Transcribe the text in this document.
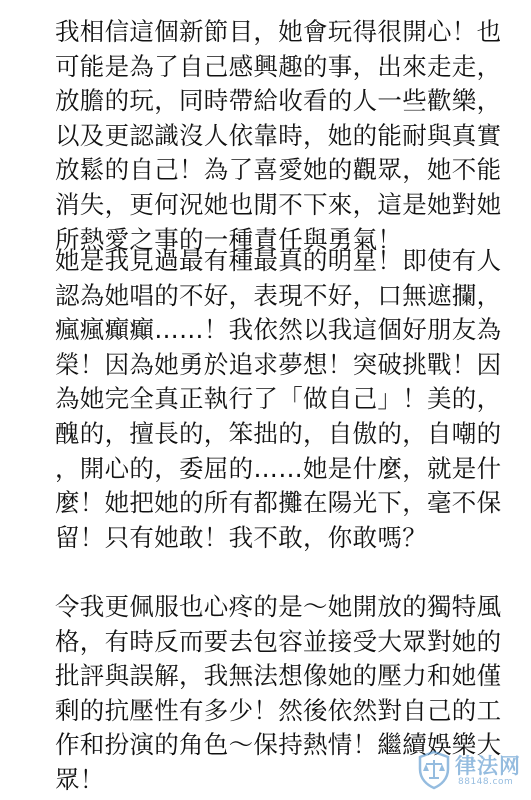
我相信這個新節目，她會玩得很開心！也
可能是為了自己感興趣的事，出來走走，
放膽的玩，同時帶給收看的人一些歡樂，
以及更認識沒人依靠時，她的能耐與真實
放鬆的自己！為了喜愛她的觀眾，她不能
消失，更何況她也閒不下來，這是她對她
所熱愛之事的一種責任與勇氣！
她是我見過最有種最真的明星！即使有人
認為她唱的不好，表現不好，口無遮攔，
瘋瘋癲癲……！我依然以我這個好朋友為
榮！因為她勇於追求夢想！突破挑戰！因
為她完全真正執行了「做自己」！美的，
醜的，擅長的，笨拙的，自傲的，自嘲的
，開心的，委屈的……她是什麼，就是什
麼！她把她的所有都攤在陽光下，毫不保
留！只有她敢！我不敢，你敢嗎？
令我更佩服也心疼的是～她開放的獨特風
格，有時反而要去包容並接受大眾對她的
批評與誤解，我無法想像她的壓力和她僅
剩的抗壓性有多少！然後依然對自己的工
作和扮演的角色～保持熱情！繼續娛樂大
眾！	律法网
88148.com
